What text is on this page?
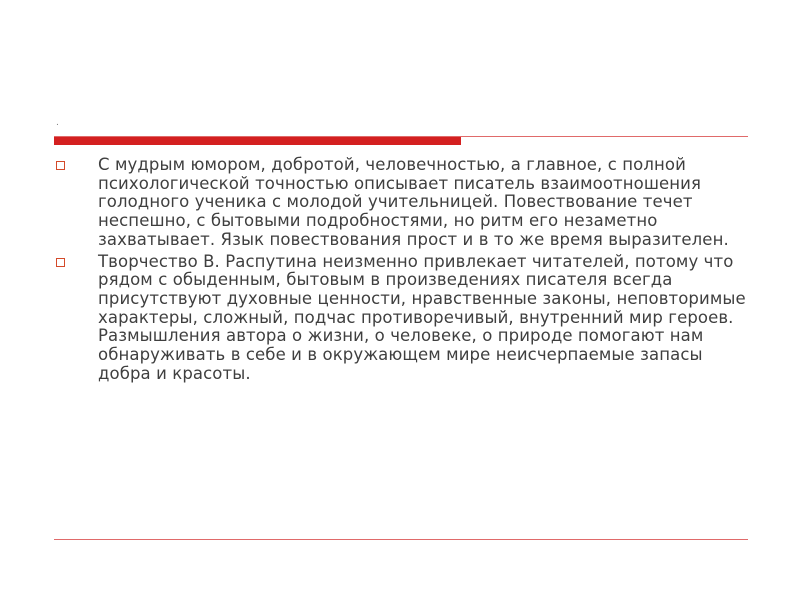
.

С мудрым юмором, добротой, человечностью, а главное, с полной психологической точностью описывает писатель взаимоотношения голодного ученика с молодой учительницей. Повествование течет неспешно, с бытовыми подробностями, но ритм его незаметно захватывает. Язык повествования прост и в то же время выразителен.

Творчество В. Распутина неизменно привлекает читателей, потому что рядом с обыденным, бытовым в произведениях писателя всегда присутствуют духовные ценности, нравственные законы, неповторимые характеры, сложный, подчас противоречивый, внутренний мир героев. Размышления автора о жизни, о человеке, о природе помогают нам обнаруживать в себе и в окружающем мире неисчерпаемые запасы добра и красоты.
